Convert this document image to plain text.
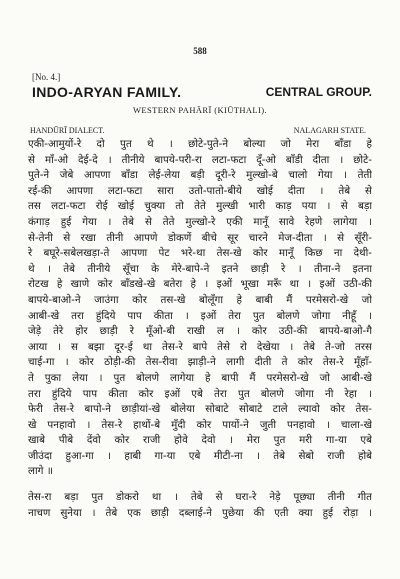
588
[No. 4.]
INDO-ARYAN FAMILY.	CENTRAL GROUP.
WESTERN PAHĀRĪ (KIŪTHALI).
HANDŪRĪ DIALECT.	NALAGARH STATE.
एकी-आमुयों-रे दो पुत थे । छोटे-पुते-ने बोल्या जो मेरा बाँडा हे
से माँ-ओ देई-दे । तीनीये बापये-परी-रा लटा-फटा दूँ-ओ बाँडी दीता । छोटे-
पुते-ने जेबे आपणा बाँडा लेई-लेया बड़ी दूरी-रे मुल्खो-बे चालो गेया । तेती
रई-की आपणा लटा-फटा सारा उतो-पातो-बीये खोई दीता । तेबे से
तस लटा-फटा रोई खोई चुक्या तो तेते मुल्खी भारी काड़ पया । से बड़ा
कंगाड़ हुई गेया । तेबे से तेते मुल्खो-रे एकी मानूँ सावे रेहणे लागेया ।
से-तेनी से रखा तीनी आपणे डोकणें बीचे सूर चारने मेज-दीता । से सूँरी-
रे बघूरे-सबेलखड़ा-ते आपणा पेट भरे-था तेस-खे कोर मानूँ किछ ना देथी-
थे । तेबे तीनीये सूँचा के मेरे-बापे-ने इतने छाड़ी रे । तीना-ने इतना
रोटख हे खाणे कोर बाँडखे-खे बतेरा हे । इओं भूखा मरूँ था । इओं उठी-की
बापये-बाओ-ने जाउंगा कोर तस-खे बोलूँगा हे बाबी मैं परमेसरो-खे जो
आबी-खे तरा हुंदिये पाप कीता । इओं तेरा पुत बोलणे जोगा नीहूँ ।
जेड़े तेरे होर छाड़ी रे मूँओ-बी राखी ल । कोर उठी-की बापये-बाओ-गै
आया । स बझा दूर-ई था तेस-रे बापे तेसे रो देखेया । तेबे ते-जो तरस
चाई-गा । कोर ठोड़ी-की तेस-रीवा झाड़ी-ने लागी दीती ते कोर तेस-रे मूँहाँ-
ते पुका लेया । पुत बोलणे लागेया हे बापी मैं परमेसरो-खे जो आबी-खे
तरा हुंदिये पाप कीता कोर इओं एबे तेरा पुत बोलणे जोगा नी रेहा ।
फेरी तेस-रे बापो-ने छाड़ीयां-खे बोलेया सोबाटे सोबाटे टाले ल्यावो कोर तेस-
खे पनहावो । तेस-रे हाथों-बे मुँदी कोर पायों-ने जुती पनहावो । चाला-खे
खाबे पीबे देंवो कोर राजी होवे देवो । मेरा पुत मरी गा-या एबे
जीउंदा हुआ-गा । हाबी गा-या एबे मीटी-ना । तेबे सेबो राजी होबे
लागे ॥
तेस-रा बड़ा पुत डोकरो था । तेबे से घरा-रे नेड़े पूछ्या तीनी गीत
नाचण सुनेया । तेबे एक छाड़ी दब्लाई-ने पुछेया की एती क्या हुई रोड़ा ।
